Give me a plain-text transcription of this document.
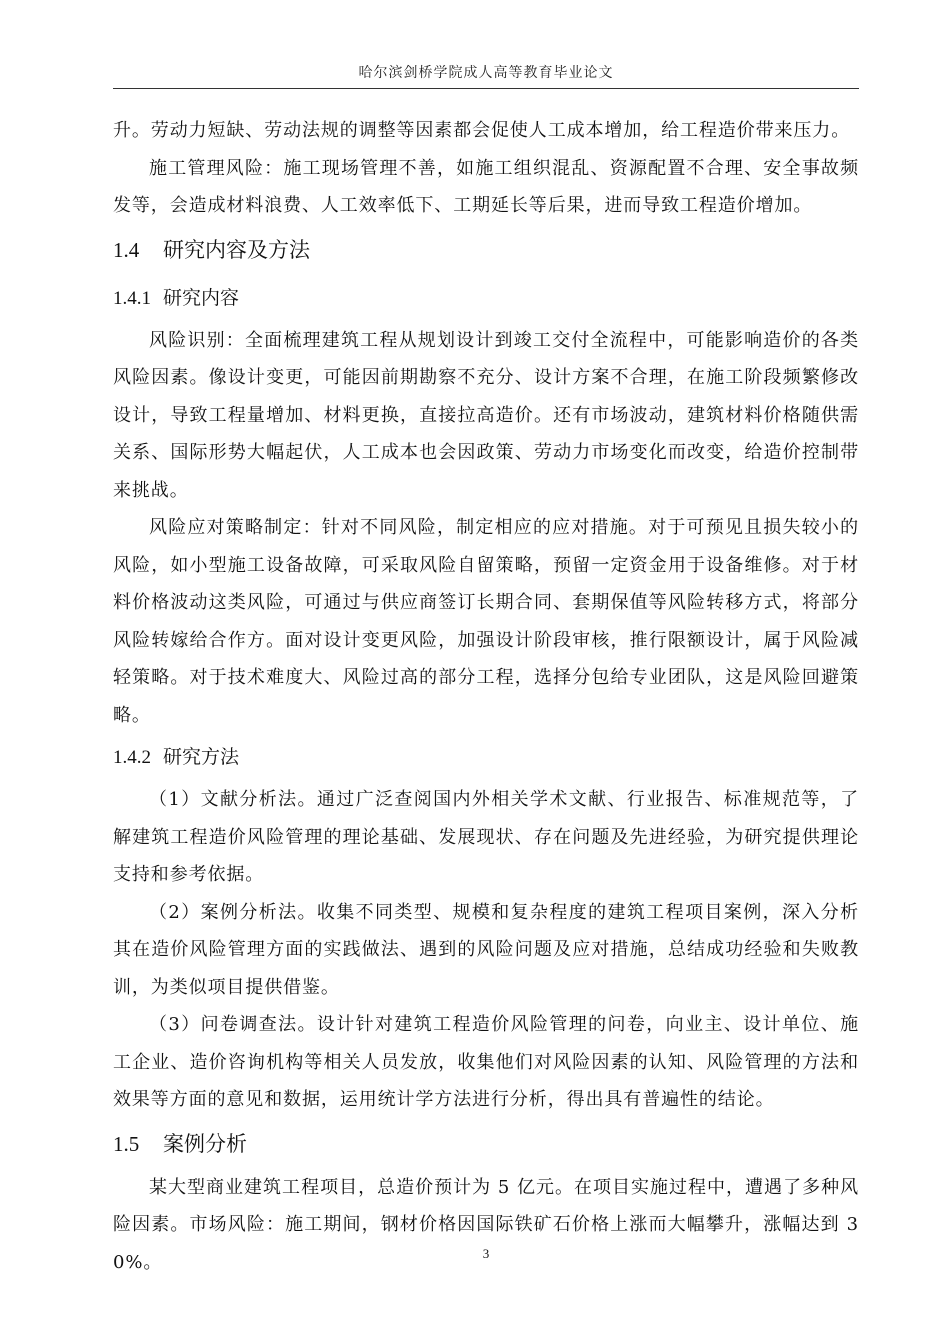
哈尔滨剑桥学院成人高等教育毕业论文

升。劳动力短缺、劳动法规的调整等因素都会促使人工成本增加，给工程造价带来压力。

施工管理风险：施工现场管理不善，如施工组织混乱、资源配置不合理、安全事故频发等，会造成材料浪费、人工效率低下、工期延长等后果，进而导致工程造价增加。

1.4 研究内容及方法
1.4.1 研究内容

风险识别：全面梳理建筑工程从规划设计到竣工交付全流程中，可能影响造价的各类风险因素。像设计变更，可能因前期勘察不充分、设计方案不合理，在施工阶段频繁修改设计，导致工程量增加、材料更换，直接拉高造价。还有市场波动，建筑材料价格随供需关系、国际形势大幅起伏，人工成本也会因政策、劳动力市场变化而改变，给造价控制带来挑战。

风险应对策略制定：针对不同风险，制定相应的应对措施。对于可预见且损失较小的风险，如小型施工设备故障，可采取风险自留策略，预留一定资金用于设备维修。对于材料价格波动这类风险，可通过与供应商签订长期合同、套期保值等风险转移方式，将部分风险转嫁给合作方。面对设计变更风险，加强设计阶段审核，推行限额设计，属于风险减轻策略。对于技术难度大、风险过高的部分工程，选择分包给专业团队，这是风险回避策略。

1.4.2 研究方法

（1）文献分析法。通过广泛查阅国内外相关学术文献、行业报告、标准规范等，了解建筑工程造价风险管理的理论基础、发展现状、存在问题及先进经验，为研究提供理论支持和参考依据。

（2）案例分析法。收集不同类型、规模和复杂程度的建筑工程项目案例，深入分析其在造价风险管理方面的实践做法、遇到的风险问题及应对措施，总结成功经验和失败教训，为类似项目提供借鉴。

（3）问卷调查法。设计针对建筑工程造价风险管理的问卷，向业主、设计单位、施工企业、造价咨询机构等相关人员发放，收集他们对风险因素的认知、风险管理的方法和效果等方面的意见和数据，运用统计学方法进行分析，得出具有普遍性的结论。

1.5 案例分析

某大型商业建筑工程项目，总造价预计为 5 亿元。在项目实施过程中，遭遇了多种风险因素。市场风险：施工期间，钢材价格因国际铁矿石价格上涨而大幅攀升，涨幅达到 30%。	3
